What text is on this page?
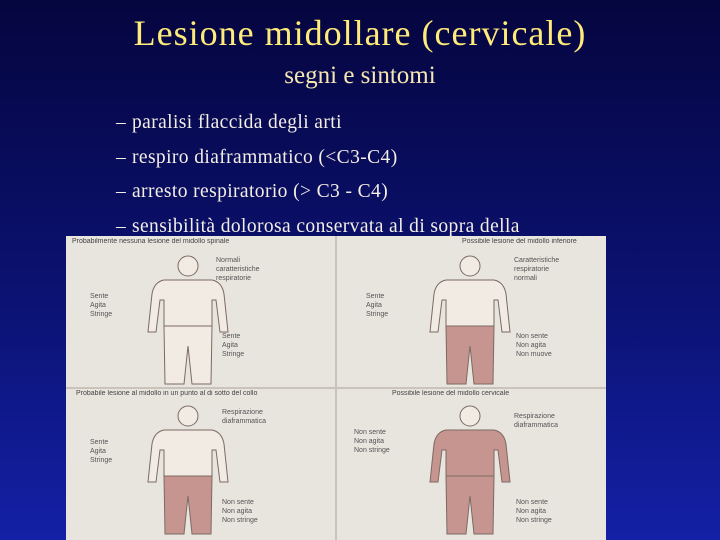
Lesione midollare (cervicale)
segni e sintomi
– paralisi flaccida degli arti
– respiro diaframmatico (<C3-C4)
– arresto respiratorio (> C3 - C4)
– sensibilità dolorosa conservata al di sopra della
Probabilmente nessuna lesione del midollo spinale
Normali
caratteristiche
respiratorie
Sente
Agita
Stringe
Sente
Agita
Stringe
Possibile lesione del midollo inferiore
Caratteristiche
respiratorie
normali
Sente
Agita
Stringe
Non sente
Non agita
Non muove
Probabile lesione al midollo in un punto al di sotto del collo
Respirazione
diaframmatica
Sente
Agita
Stringe
Non sente
Non agita
Non stringe
Possibile lesione del midollo cervicale
Respirazione
diaframmatica
Non sente
Non agita
Non stringe
Non sente
Non agita
Non stringe
